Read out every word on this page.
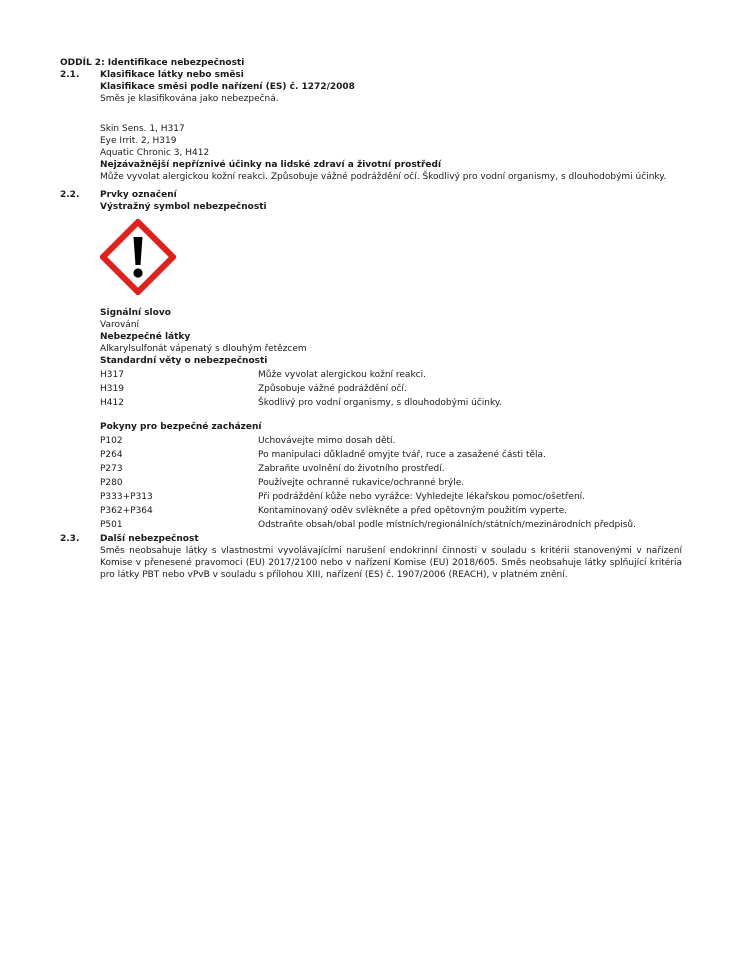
ODDÍL 2: Identifikace nebezpečnosti
2.1.	Klasifikace látky nebo směsi
Klasifikace směsi podle nařízení (ES) č. 1272/2008
Směs je klasifikována jako nebezpečná.
Skin Sens. 1, H317
Eye Irrit. 2, H319
Aquatic Chronic 3, H412
Nejzávažnější nepříznivé účinky na lidské zdraví a životní prostředí
Může vyvolat alergickou kožní reakci. Způsobuje vážné podráždění očí. Škodlivý pro vodní organismy, s dlouhodobými účinky.
2.2.	Prvky označení
Výstražný symbol nebezpečnosti
Signální slovo
Varování
Nebezpečné látky
Alkarylsulfonát vápenatý s dlouhým řetězcem
Standardní věty o nebezpečnosti
H317	Může vyvolat alergickou kožní reakci.
H319	Způsobuje vážné podráždění očí.
H412	Škodlivý pro vodní organismy, s dlouhodobými účinky.
Pokyny pro bezpečné zacházení
P102	Uchovávejte mimo dosah dětí.
P264	Po manipulaci důkladně omyjte tvář, ruce a zasažené části těla.
P273	Zabraňte uvolnění do životního prostředí.
P280	Používejte ochranné rukavice/ochranné brýle.
P333+P313	Při podráždění kůže nebo vyrážce: Vyhledejte lékařskou pomoc/ošetření.
P362+P364	Kontaminovaný oděv svlékněte a před opětovným použitím vyperte.
P501	Odstraňte obsah/obal podle místních/regionálních/státních/mezinárodních předpisů.
2.3.	Další nebezpečnost
Směs neobsahuje látky s vlastnostmi vyvolávajícími narušení endokrinní činnosti v souladu s kritérii stanovenými v nařízení Komise v přenesené pravomoci (EU) 2017/2100 nebo v nařízení Komise (EU) 2018/605. Směs neobsahuje látky splňující kritéria pro látky PBT nebo vPvB v souladu s přílohou XIII, nařízení (ES) č. 1907/2006 (REACH), v platném znění.
